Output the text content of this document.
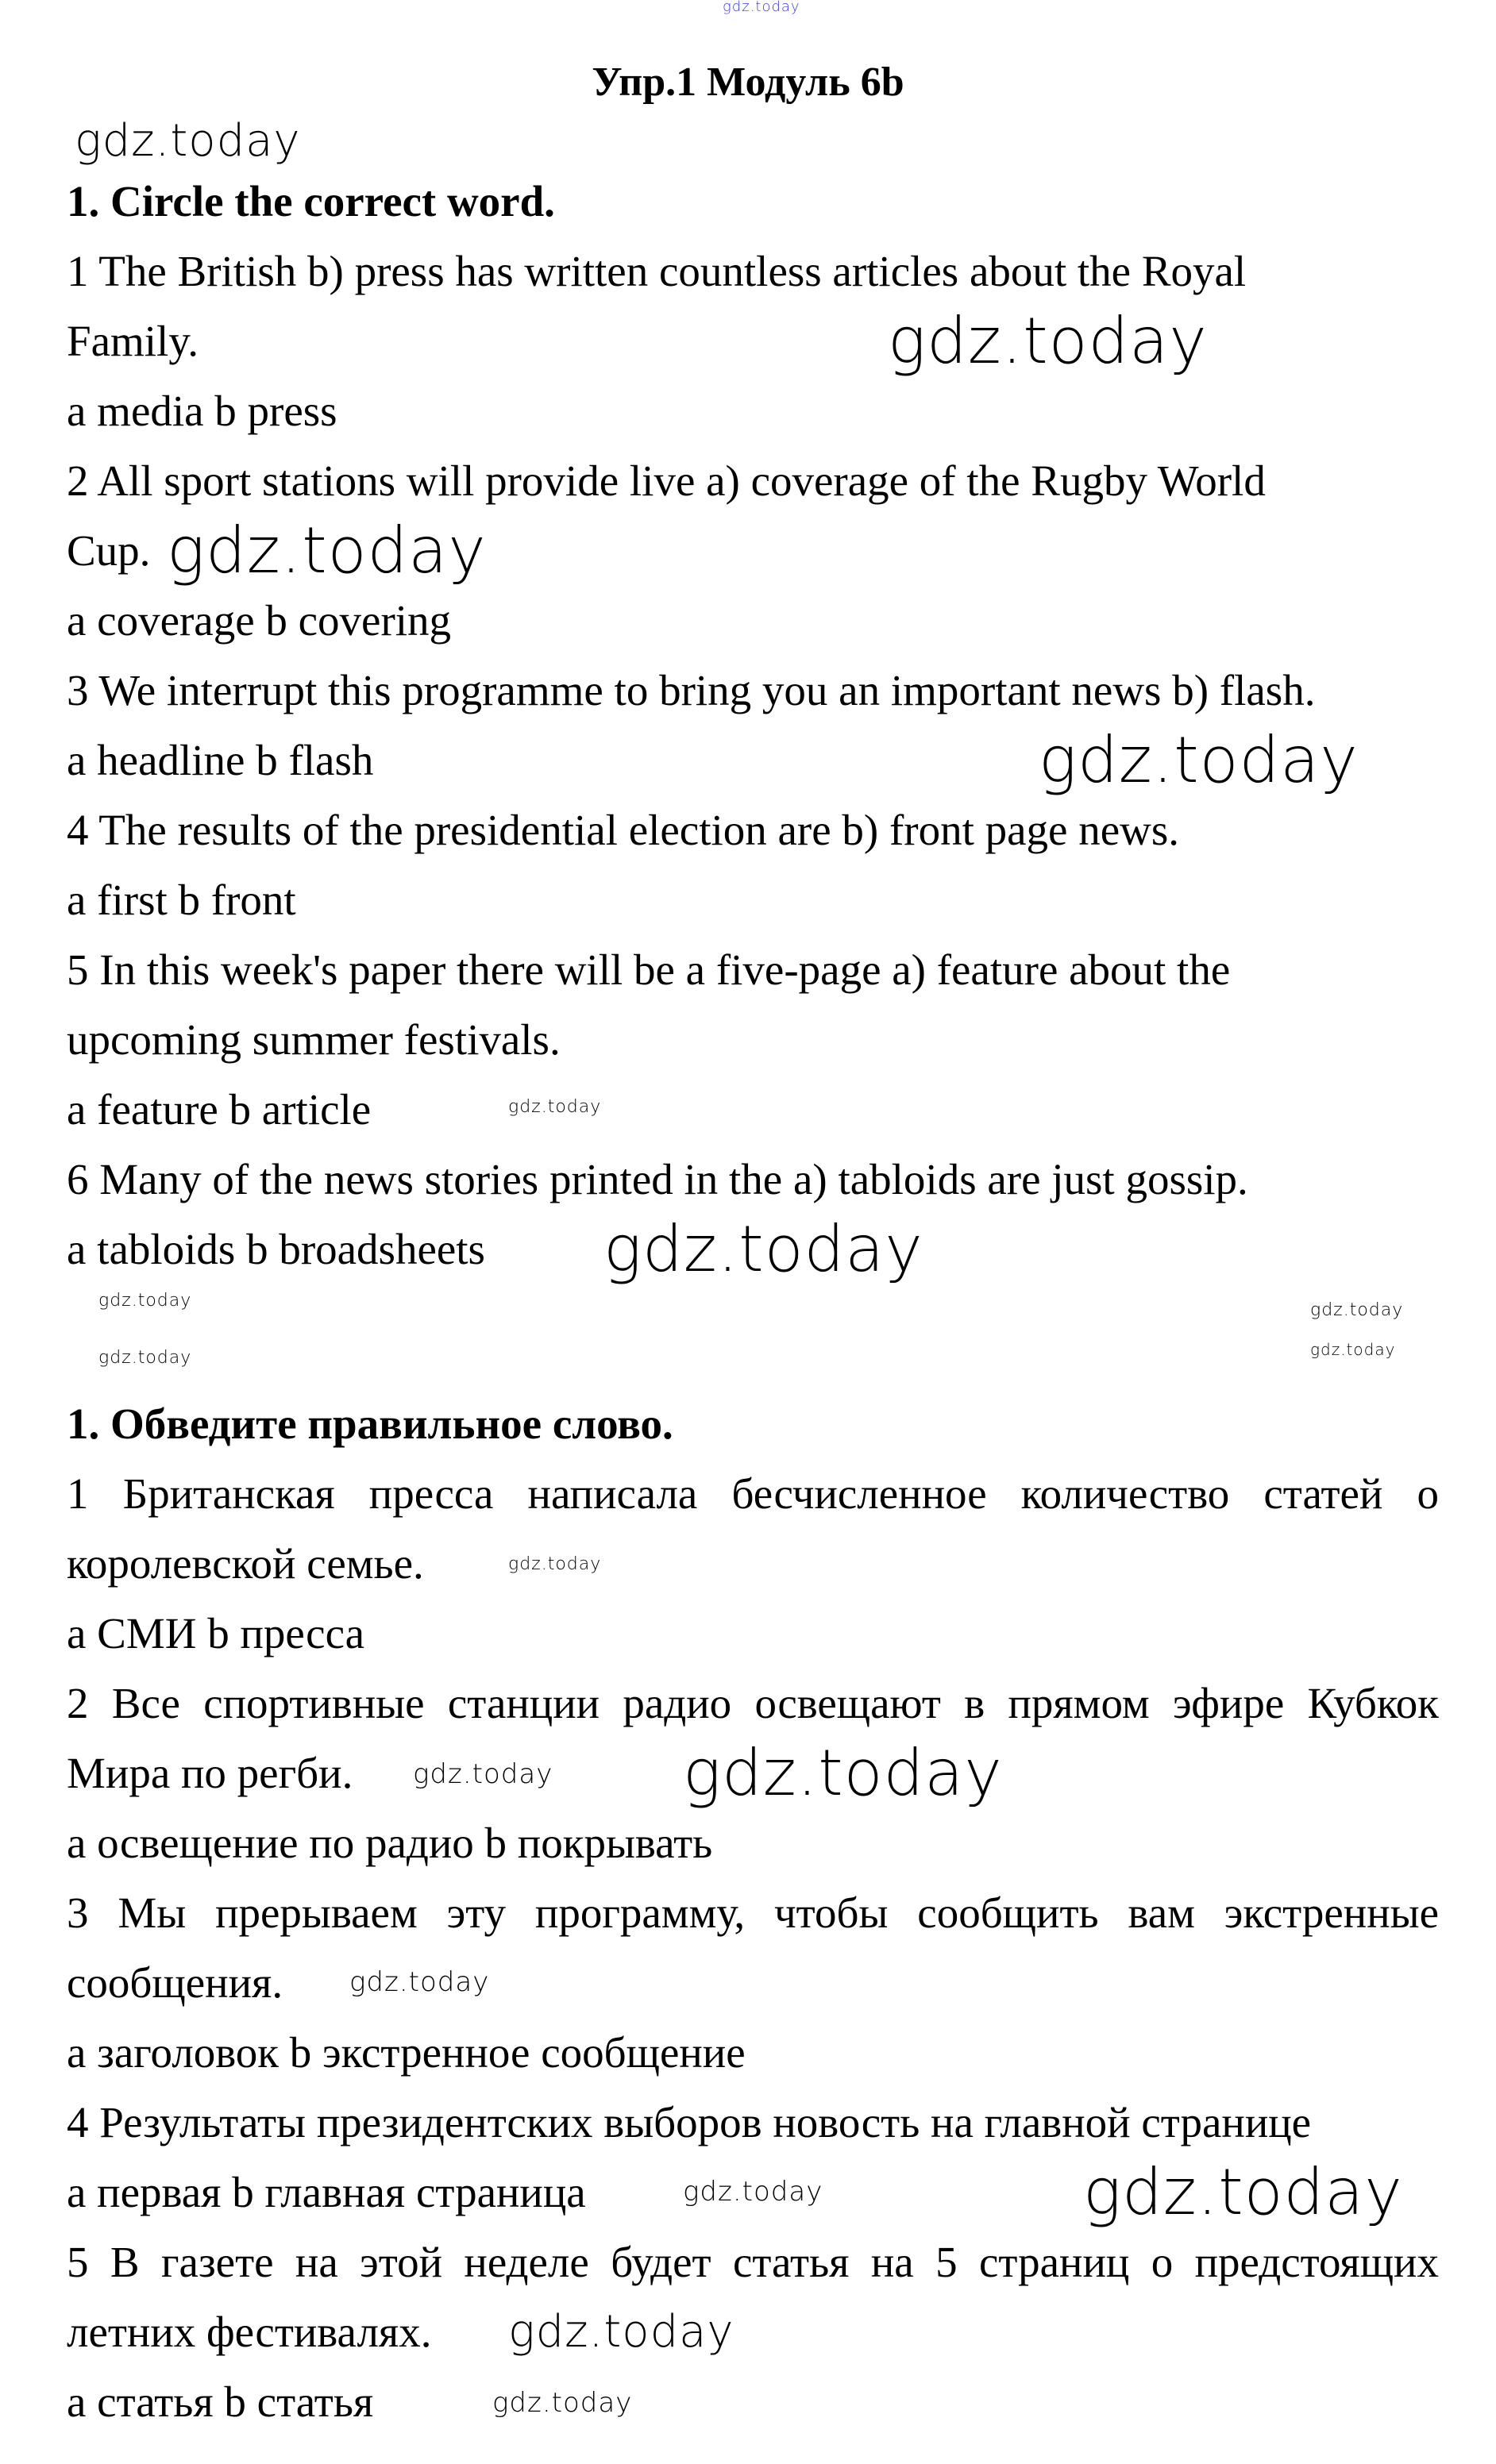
Упр.1 Модуль 6b
1. Circle the correct word.
1 The British b) press has written countless articles about the Royal
Family.
a media b press
2 All sport stations will provide live a) coverage of the Rugby World
Cup.
a coverage b covering
3 We interrupt this programme to bring you an important news b) flash.
a headline b flash
4 The results of the presidential election are b) front page news.
a first b front
5 In this week's paper there will be a five-page a) feature about the
upcoming summer festivals.
a feature b article
6 Many of the news stories printed in the a) tabloids are just gossip.
a tabloids b broadsheets
1. Обведите правильное слово.
1 Британская пресса написала бесчисленное количество статей о
королевской семье.
a СМИ b пресса
2 Все спортивные станции радио освещают в прямом эфире Кубкок
Мира по регби.
a освещение по радио b покрывать
3 Мы прерываем эту программу, чтобы сообщить вам экстренные
сообщения.
a заголовок b экстренное сообщение
4 Результаты президентских выборов новость на главной странице
a первая b главная страница
5 В газете на этой неделе будет статья на 5 страниц о предстоящих
летних фестивалях.
a статья b статья
gdz.today
gdz.today
gdz.today
gdz.today
gdz.today
gdz.today
gdz.today	gdz.today
gdz.today
gdz.today
gdz.today
gdz.today
gdz.today gdz.today
gdz.today
gdz.today	gdz.today
gdz.today
gdz.today
